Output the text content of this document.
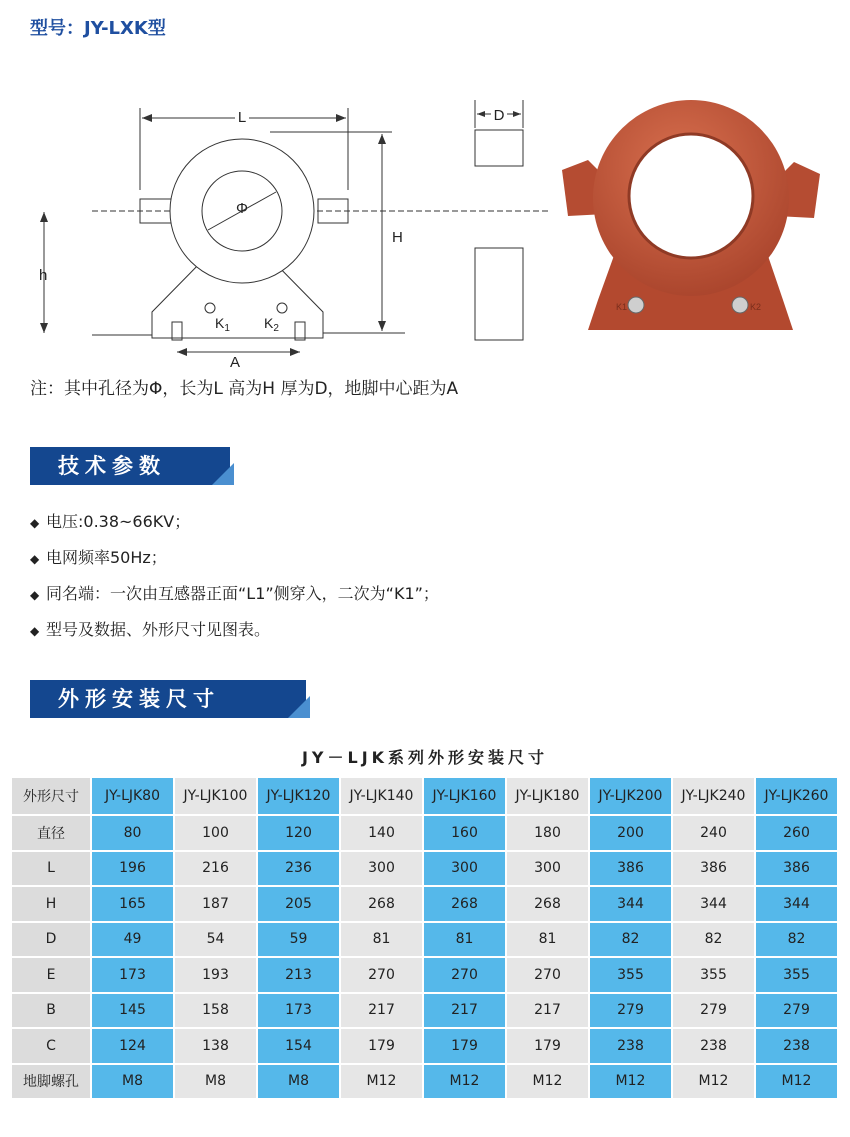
型号：JY-LXK型
L
H
h
Φ
A
D
$K_1$ $K_2$
K1	K2
注：其中孔径为Φ，长为L 高为H 厚为D，地脚中心距为A
技术参数
◆ 电压:0.38~66KV；
◆ 电网频率50Hz；
◆ 同名端：一次由互感器正面“L1”侧穿入，二次为“K1”；
◆ 型号及数据、外形尺寸见图表。
外形安装尺寸
JY－LJK系列外形安装尺寸
外形尺寸	JY-LJK80	JY-LJK100	JY-LJK120	JY-LJK140	JY-LJK160	JY-LJK180	JY-LJK200	JY-LJK240	JY-LJK260
直径	80	100	120	140	160	180	200	240	260
L	196	216	236	300	300	300	386	386	386
H	165	187	205	268	268	268	344	344	344
D	49	54	59	81	81	81	82	82	82
E	173	193	213	270	270	270	355	355	355
B	145	158	173	217	217	217	279	279	279
C	124	138	154	179	179	179	238	238	238
地脚螺孔	M8	M8	M8	M12	M12	M12	M12	M12	M12
